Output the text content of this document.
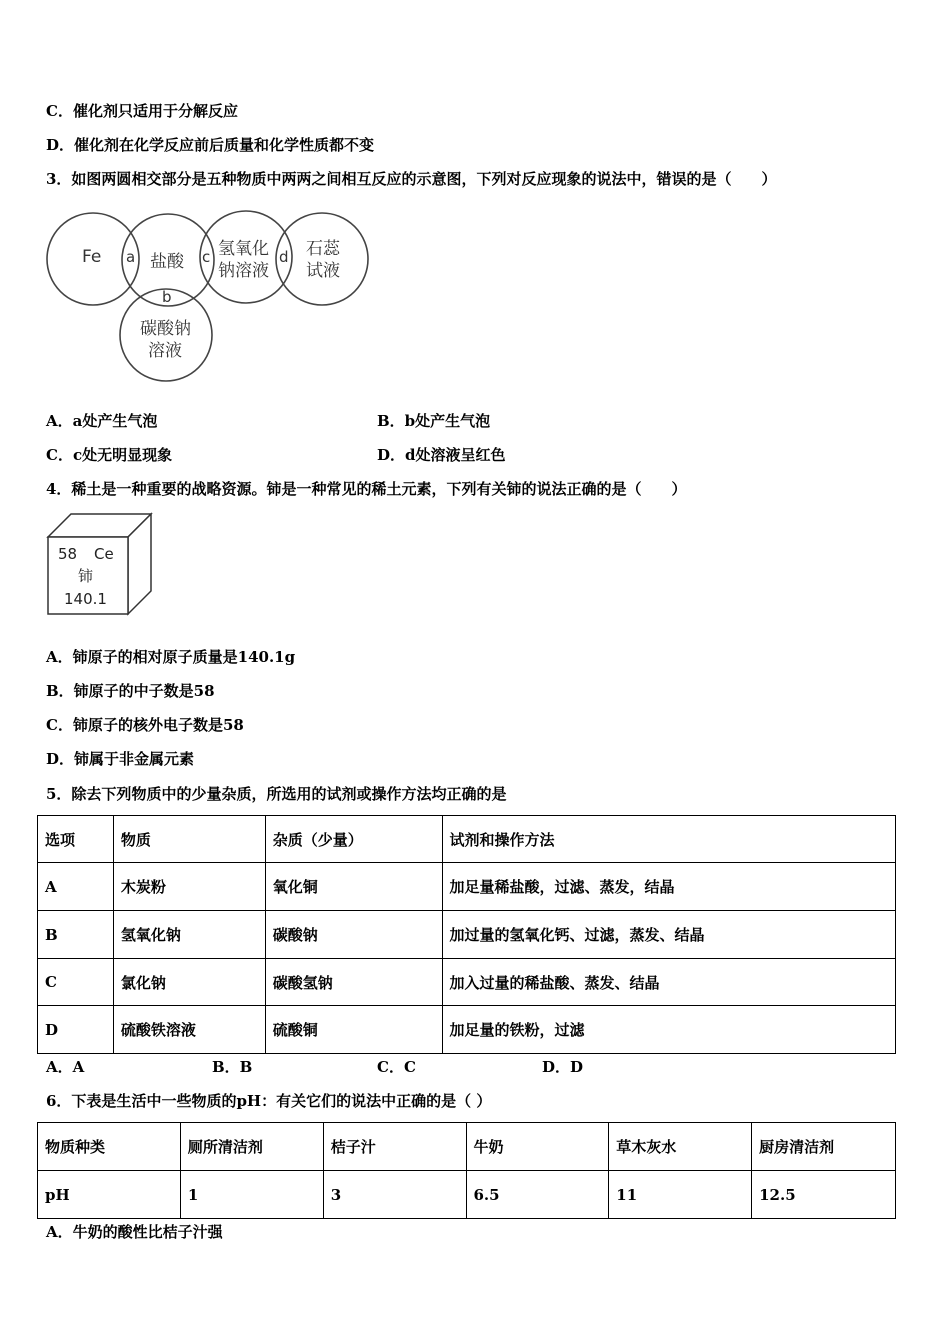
C．催化剂只适用于分解反应
D．催化剂在化学反应前后质量和化学性质都不变
3．如图两圆相交部分是五种物质中两两之间相互反应的示意图，下列对反应现象的说法中，错误的是（　　）
Fe	盐酸
氢氧化
钠溶液
石蕊
试液
碳酸钠
溶液
a
b
c	d
A．a处产生气泡	B．b处产生气泡
C．c处无明显现象	D．d处溶液呈红色
4．稀土是一种重要的战略资源。铈是一种常见的稀土元素，下列有关铈的说法正确的是（　　）
58 Ce
铈
140.1
A．铈原子的相对原子质量是140.1g
B．铈原子的中子数是58
C．铈原子的核外电子数是58
D．铈属于非金属元素
5．除去下列物质中的少量杂质，所选用的试剂或操作方法均正确的是
选项	物质	杂质（少量）	试剂和操作方法
A	木炭粉	氧化铜	加足量稀盐酸，过滤、蒸发，结晶
B	氢氧化钠	碳酸钠	加过量的氢氧化钙、过滤，蒸发、结晶
C	氯化钠	碳酸氢钠	加入过量的稀盐酸、蒸发、结晶
D	硫酸铁溶液	硫酸铜	加足量的铁粉，过滤
A．A	B．B	C．C	D．D
6．下表是生活中一些物质的pH：有关它们的说法中正确的是（ ）
物质种类	厕所清洁剂	桔子汁	牛奶	草木灰水	厨房清洁剂
pH	1	3	6.5	11	12.5
A．牛奶的酸性比桔子汁强
